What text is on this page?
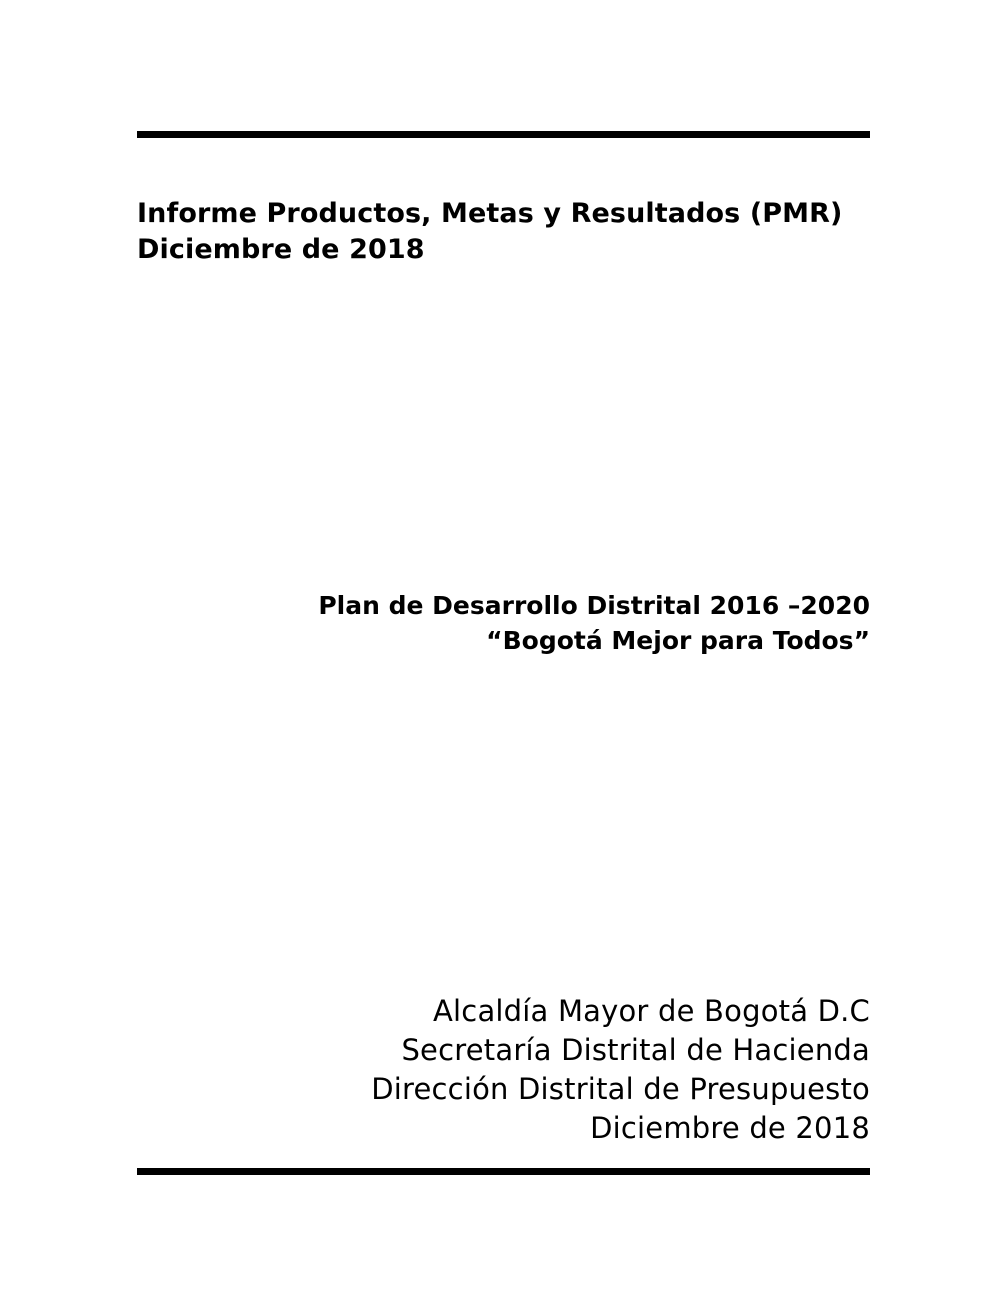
Informe Productos, Metas y Resultados (PMR)
Diciembre de 2018
Plan de Desarrollo Distrital 2016 –2020
“Bogotá Mejor para Todos”
Alcaldía Mayor de Bogotá D.C
Secretaría Distrital de Hacienda
Dirección Distrital de Presupuesto
Diciembre de 2018
